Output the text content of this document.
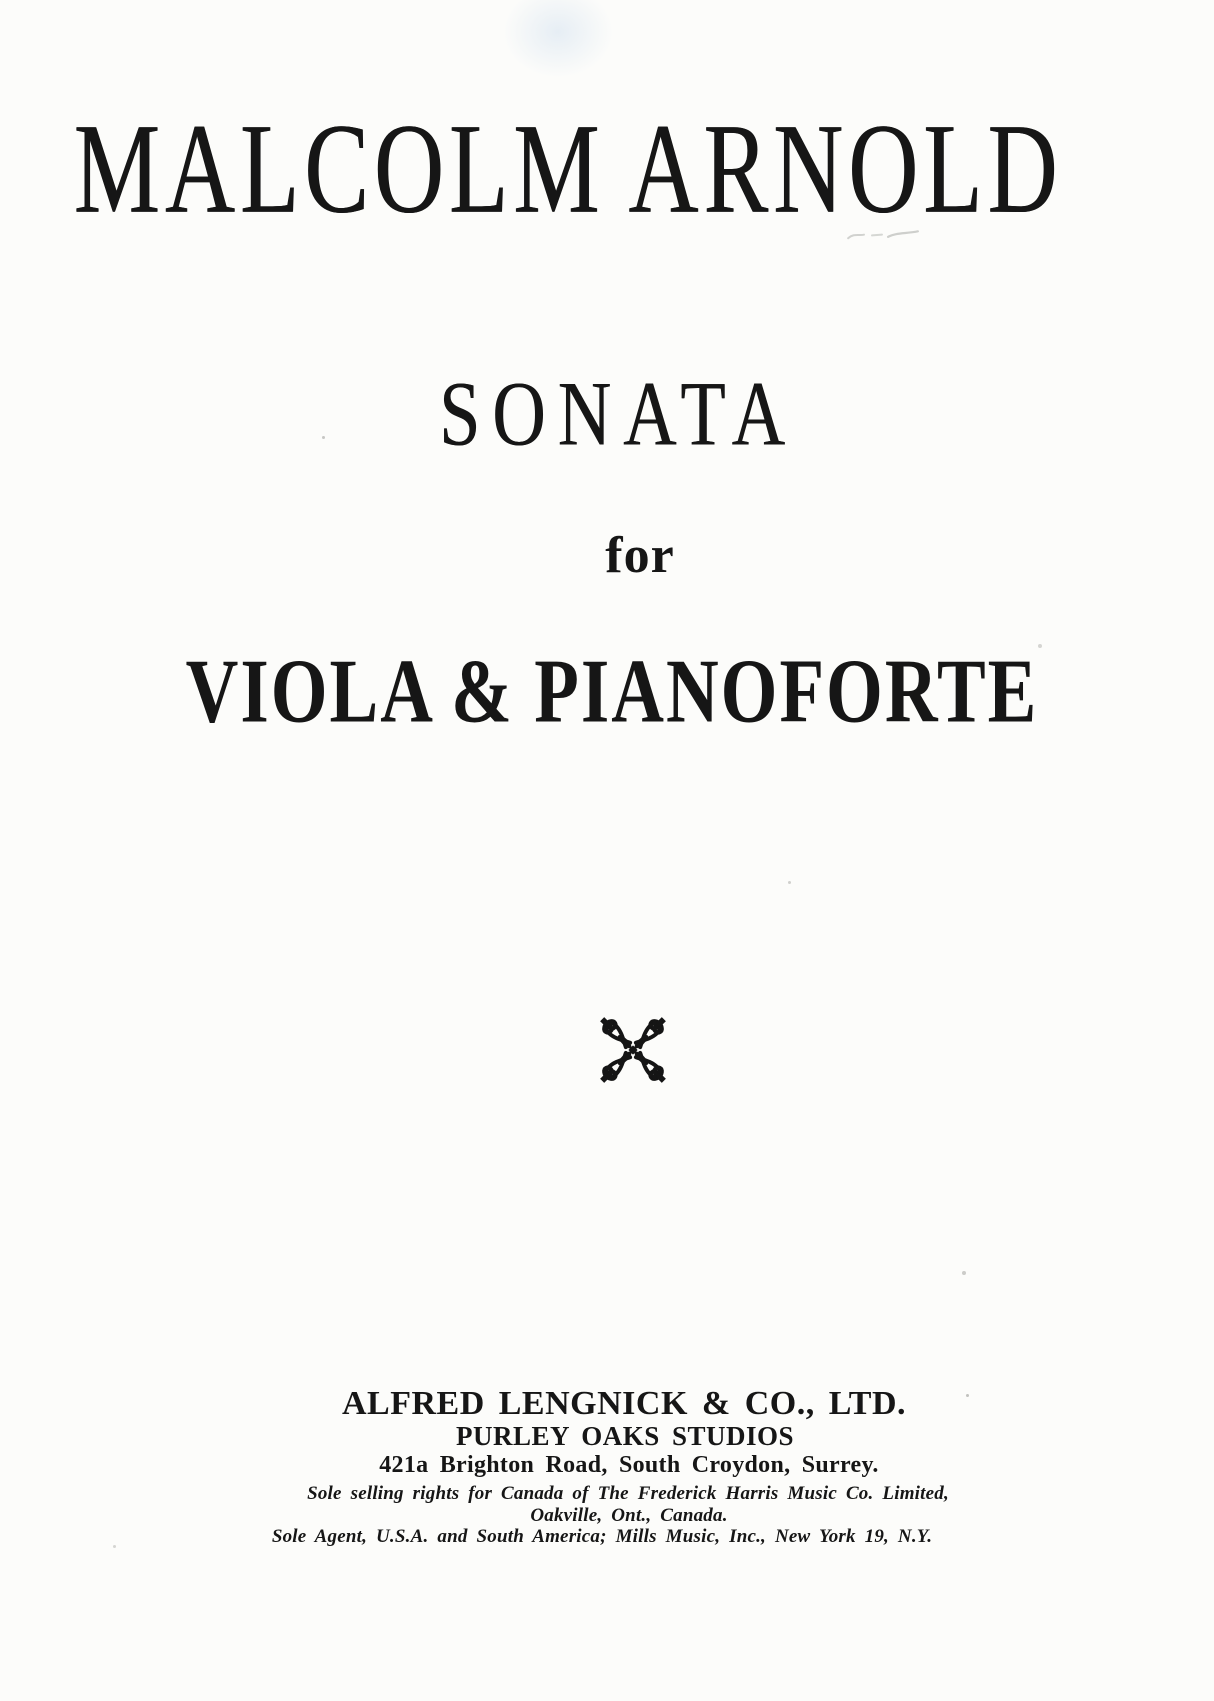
MALCOLM ARNOLD
SONATA
for
VIOLA & PIANOFORTE
ALFRED LENGNICK & CO., LTD.
PURLEY OAKS STUDIOS
421a Brighton Road, South Croydon, Surrey.
Sole selling rights for Canada of The Frederick Harris Music Co. Limited,
Oakville, Ont., Canada.
Sole Agent, U.S.A. and South America; Mills Music, Inc., New York 19, N.Y.
